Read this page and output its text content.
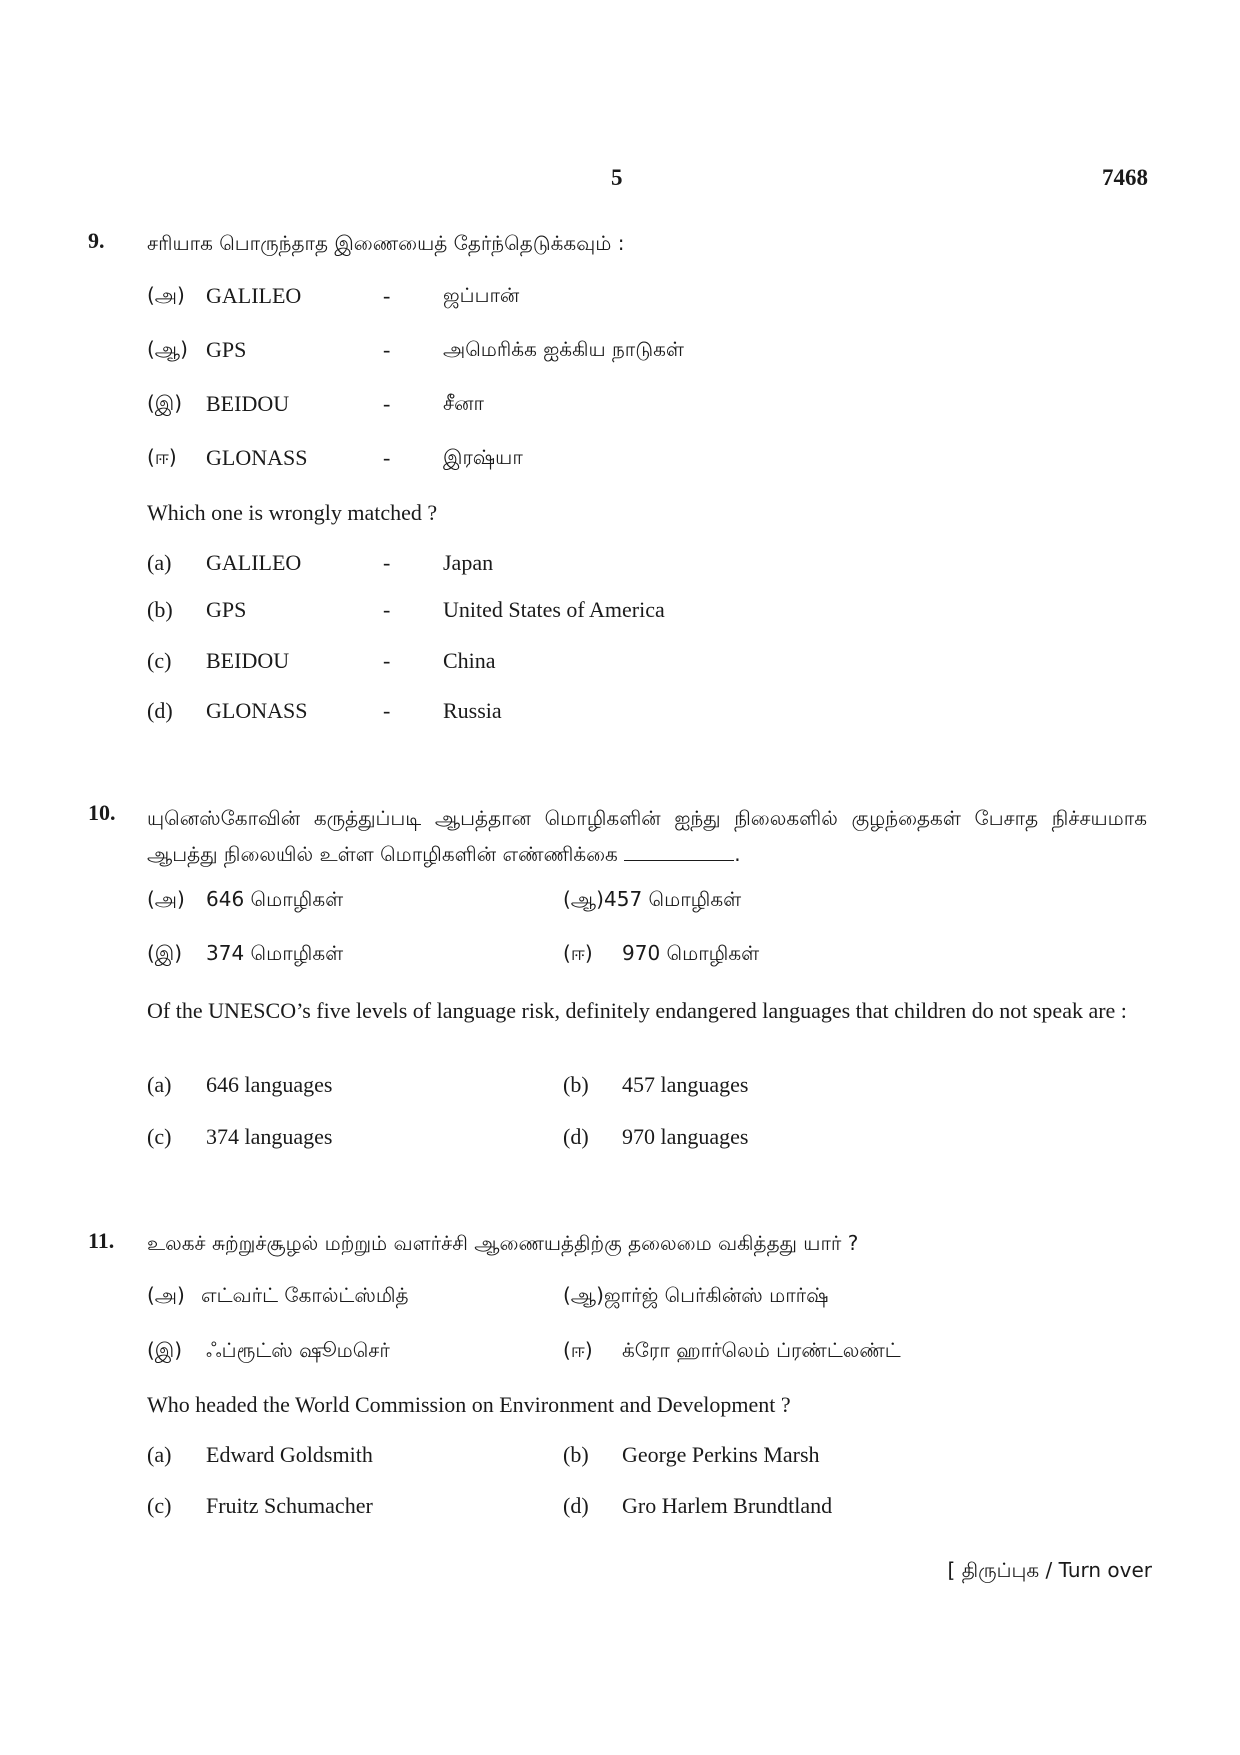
5	7468
9. சரியாக பொருந்தாத இணையைத் தேர்ந்தெடுக்கவும் :
(அ) GALILEO	-	ஜப்பான்
(ஆ) GPS	-	அமெரிக்க ஐக்கிய நாடுகள்
(இ) BEIDOU	-	சீனா
(ஈ) GLONASS	-	இரஷ்யா
Which one is wrongly matched ?
(a) GALILEO	- Japan
(b) GPS	- United States of America
(c) BEIDOU	- China
(d) GLONASS	- Russia
10. யுனெஸ்கோவின் கருத்துப்படி ஆபத்தான மொழிகளின் ஐந்து நிலைகளில் குழந்தைகள் பேசாத நிச்சயமாக ஆபத்து நிலையில் உள்ள மொழிகளின் எண்ணிக்கை	.
(அ) 646 மொழிகள்	(ஆ) 457 மொழிகள்
(இ) 374 மொழிகள்	(ஈ) 970 மொழிகள்
Of the UNESCO’s five levels of language risk, definitely endangered languages that children do not speak are :
(a) 646 languages	(b) 457 languages
(c) 374 languages	(d) 970 languages
11. உலகச் சுற்றுச்சூழல் மற்றும் வளர்ச்சி ஆணையத்திற்கு தலைமை வகித்தது யார் ?
(அ) எட்வர்ட் கோல்ட்ஸ்மித்	(ஆ) ஜார்ஜ் பெர்கின்ஸ் மார்ஷ்
(இ) ஃப்ரூட்ஸ் ஷூமசெர்	(ஈ) க்ரோ ஹார்லெம் ப்ரண்ட்லண்ட்
Who headed the World Commission on Environment and Development ?
(a) Edward Goldsmith	(b) George Perkins Marsh
(c) Fruitz Schumacher	(d) Gro Harlem Brundtland
[ திருப்புக / Turn over
